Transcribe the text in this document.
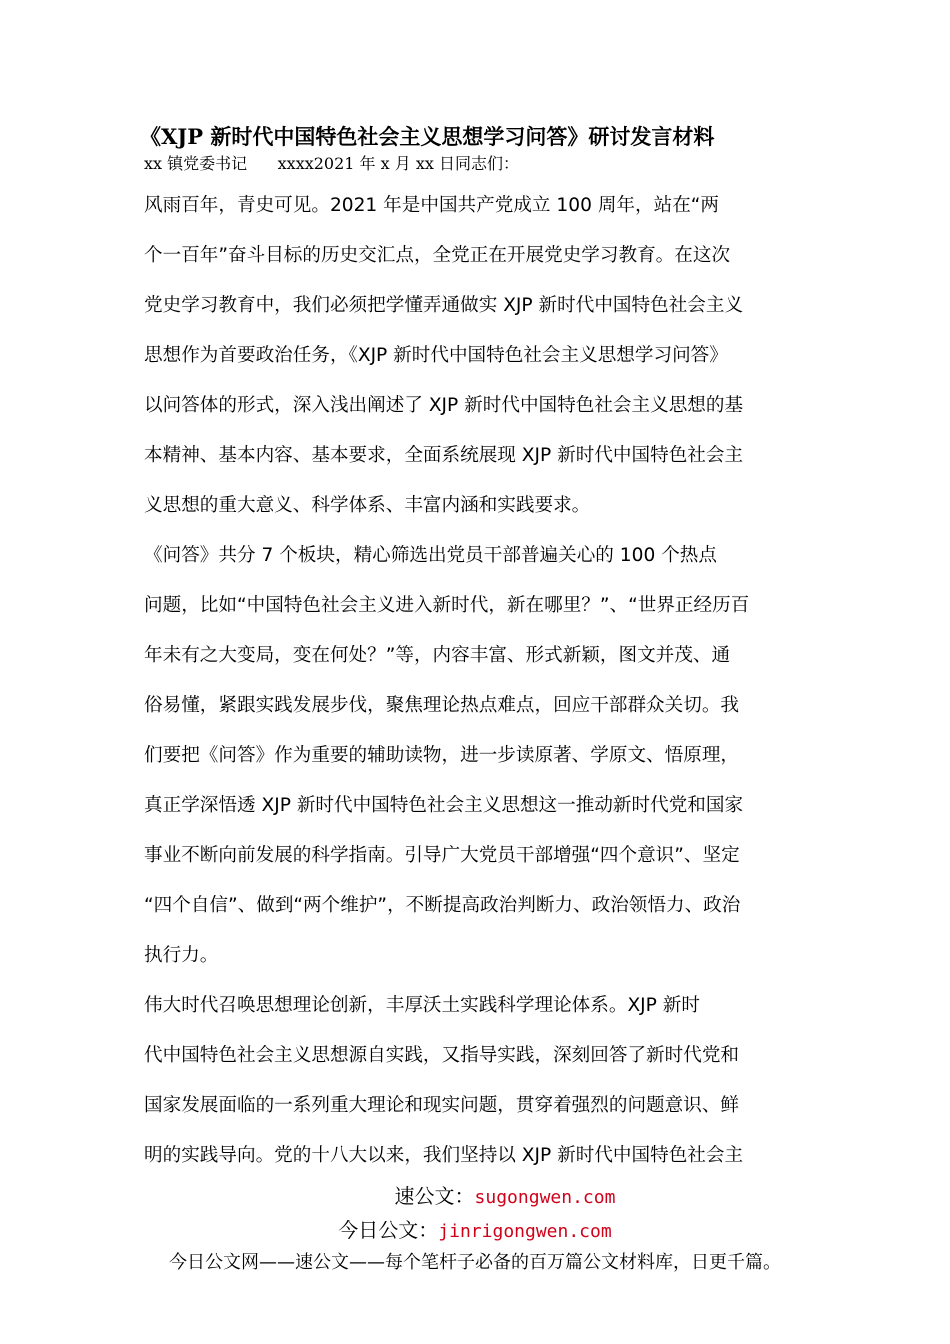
《XJP 新时代中国特色社会主义思想学习问答》研讨发言材料
xx 镇党委书记      xxxx2021 年 x 月 xx 日同志们：

风雨百年，青史可见。2021 年是中国共产党成立 100 周年，站在“两

个一百年”奋斗目标的历史交汇点，全党正在开展党史学习教育。在这次

党史学习教育中，我们必须把学懂弄通做实 XJP 新时代中国特色社会主义

思想作为首要政治任务，《XJP 新时代中国特色社会主义思想学习问答》

以问答体的形式，深入浅出阐述了 XJP 新时代中国特色社会主义思想的基

本精神、基本内容、基本要求，全面系统展现 XJP 新时代中国特色社会主

义思想的重大意义、科学体系、丰富内涵和实践要求。

《问答》共分 7 个板块，精心筛选出党员干部普遍关心的 100 个热点

问题，比如“中国特色社会主义进入新时代，新在哪里？”、“世界正经历百

年未有之大变局，变在何处？”等，内容丰富、形式新颖，图文并茂、通

俗易懂，紧跟实践发展步伐，聚焦理论热点难点，回应干部群众关切。我

们要把《问答》作为重要的辅助读物，进一步读原著、学原文、悟原理，

真正学深悟透 XJP 新时代中国特色社会主义思想这一推动新时代党和国家

事业不断向前发展的科学指南。引导广大党员干部增强“四个意识”、坚定

“四个自信”、做到“两个维护”，不断提高政治判断力、政治领悟力、政治

执行力。

伟大时代召唤思想理论创新，丰厚沃土实践科学理论体系。XJP 新时

代中国特色社会主义思想源自实践，又指导实践，深刻回答了新时代党和

国家发展面临的一系列重大理论和现实问题，贯穿着强烈的问题意识、鲜

明的实践导向。党的十八大以来，我们坚持以 XJP 新时代中国特色社会主

速公文：sugongwen.com
今日公文：jinrigongwen.com
今日公文网——速公文——每个笔杆子必备的百万篇公文材料库，日更千篇。
